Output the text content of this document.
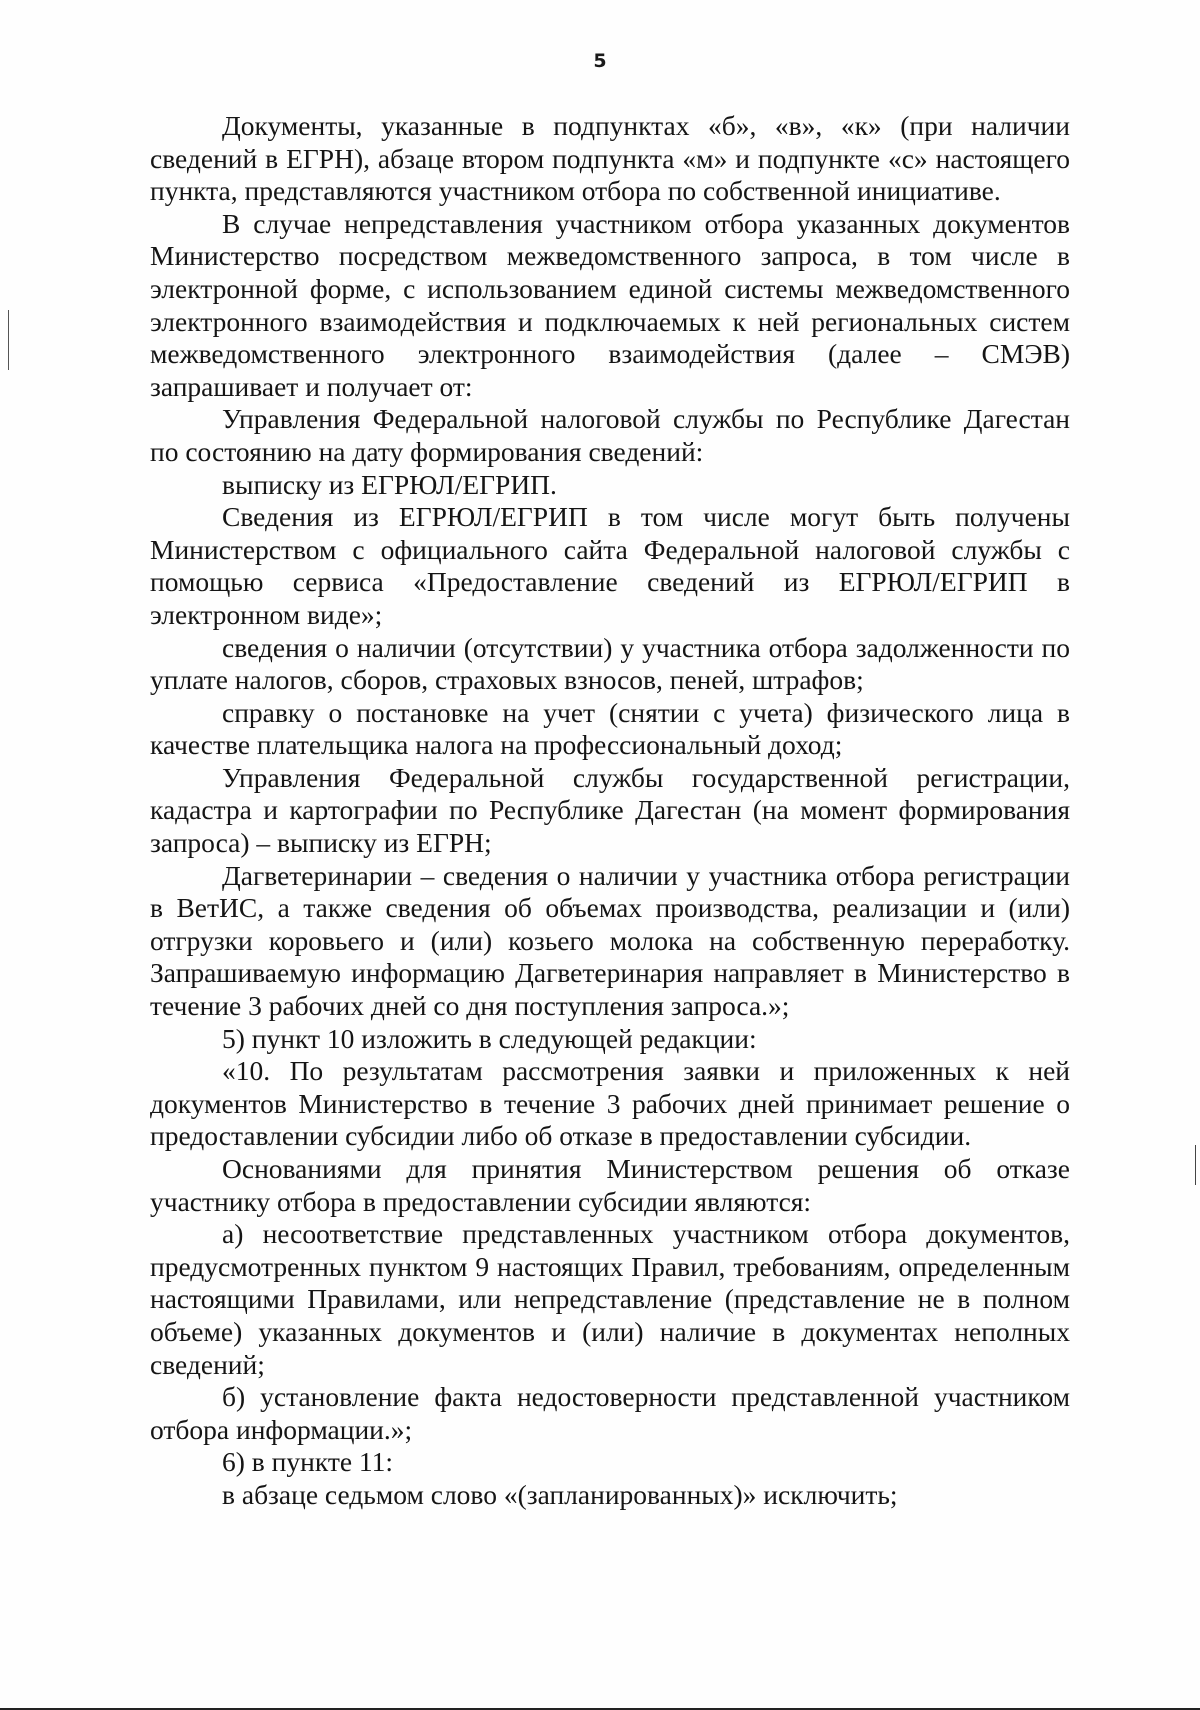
5

Документы, указанные в подпунктах «б», «в», «к» (при наличии сведений в ЕГРН), абзаце втором подпункта «м» и подпункте «с» настоящего пункта, представляются участником отбора по собственной инициативе.

В случае непредставления участником отбора указанных документов Министерство посредством межведомственного запроса, в том числе в электронной форме, с использованием единой системы межведомственного электронного взаимодействия и подключаемых к ней региональных систем межведомственного электронного взаимодействия (далее – СМЭВ) запрашивает и получает от:

Управления Федеральной налоговой службы по Республике Дагестан по состоянию на дату формирования сведений:

выписку из ЕГРЮЛ/ЕГРИП.

Сведения из ЕГРЮЛ/ЕГРИП в том числе могут быть получены Министерством с официального сайта Федеральной налоговой службы с помощью сервиса «Предоставление сведений из ЕГРЮЛ/ЕГРИП в электронном виде»;

сведения о наличии (отсутствии) у участника отбора задолженности по уплате налогов, сборов, страховых взносов, пеней, штрафов;

справку о постановке на учет (снятии с учета) физического лица в качестве плательщика налога на профессиональный доход;

Управления Федеральной службы государственной регистрации, кадастра и картографии по Республике Дагестан (на момент формирования запроса) – выписку из ЕГРН;

Дагветеринарии – сведения о наличии у участника отбора регистрации в ВетИС, а также сведения об объемах производства, реализации и (или) отгрузки коровьего и (или) козьего молока на собственную переработку. Запрашиваемую информацию Дагветеринария направляет в Министерство в течение 3 рабочих дней со дня поступления запроса.»;

5) пункт 10 изложить в следующей редакции:

«10. По результатам рассмотрения заявки и приложенных к ней документов Министерство в течение 3 рабочих дней принимает решение о предоставлении субсидии либо об отказе в предоставлении субсидии.

Основаниями для принятия Министерством решения об отказе участнику отбора в предоставлении субсидии являются:

а) несоответствие представленных участником отбора документов, предусмотренных пунктом 9 настоящих Правил, требованиям, определенным настоящими Правилами, или непредставление (представление не в полном объеме) указанных документов и (или) наличие в документах неполных сведений;

б) установление факта недостоверности представленной участником отбора информации.»;

6) в пункте 11:

в абзаце седьмом слово «(запланированных)» исключить;
